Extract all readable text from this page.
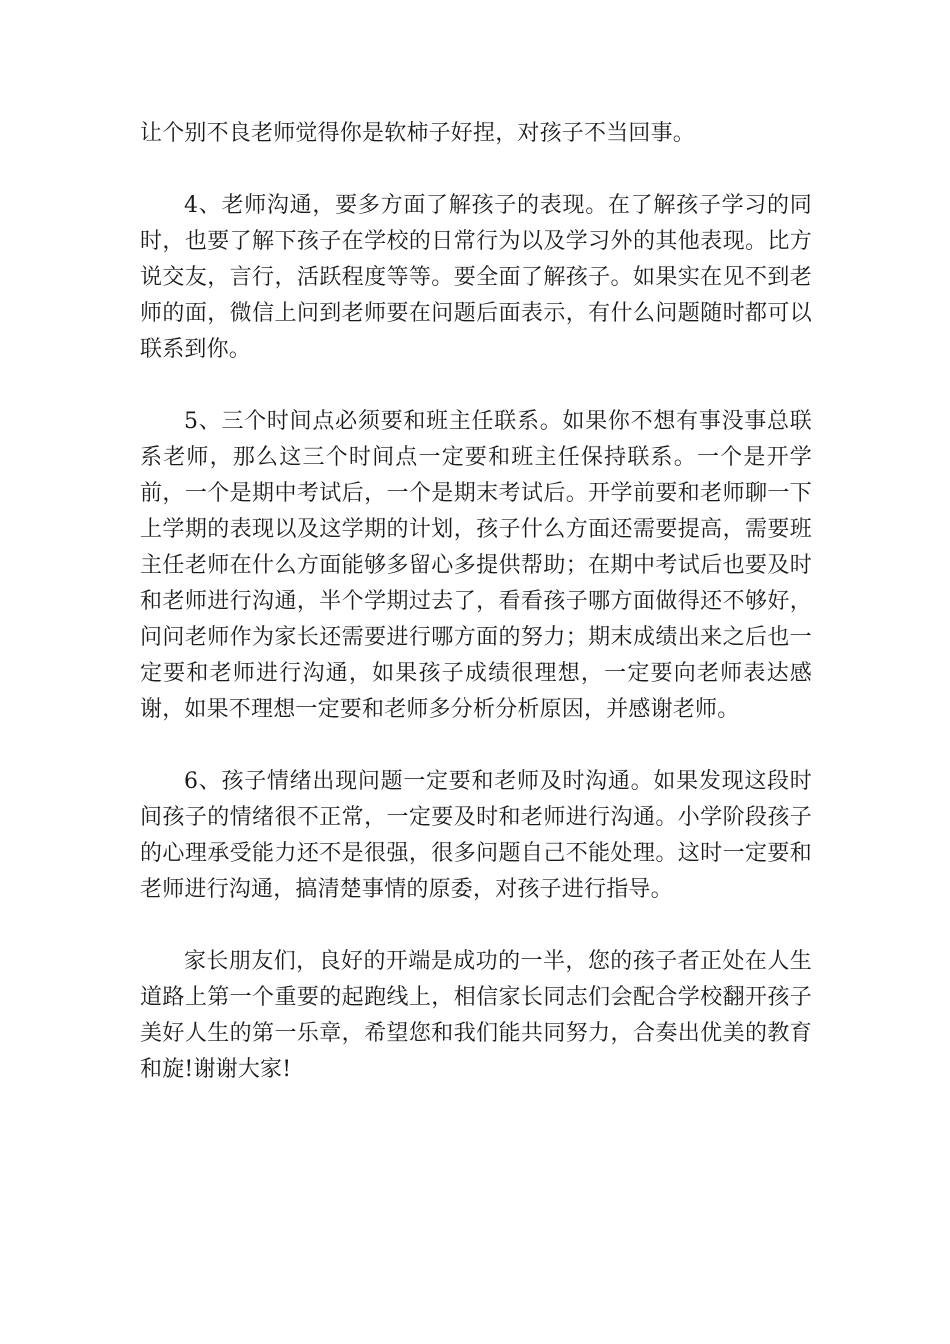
让个别不良老师觉得你是软柿子好捏，对孩子不当回事。

4、老师沟通，要多方面了解孩子的表现。在了解孩子学习的同时，也要了解下孩子在学校的日常行为以及学习外的其他表现。比方说交友，言行，活跃程度等等。要全面了解孩子。如果实在见不到老师的面，微信上问到老师要在问题后面表示，有什么问题随时都可以联系到你。

5、三个时间点必须要和班主任联系。如果你不想有事没事总联系老师，那么这三个时间点一定要和班主任保持联系。一个是开学前，一个是期中考试后，一个是期末考试后。开学前要和老师聊一下上学期的表现以及这学期的计划，孩子什么方面还需要提高，需要班主任老师在什么方面能够多留心多提供帮助；在期中考试后也要及时和老师进行沟通，半个学期过去了，看看孩子哪方面做得还不够好，问问老师作为家长还需要进行哪方面的努力；期末成绩出来之后也一定要和老师进行沟通，如果孩子成绩很理想，一定要向老师表达感谢，如果不理想一定要和老师多分析分析原因，并感谢老师。

6、孩子情绪出现问题一定要和老师及时沟通。如果发现这段时间孩子的情绪很不正常，一定要及时和老师进行沟通。小学阶段孩子的心理承受能力还不是很强，很多问题自己不能处理。这时一定要和老师进行沟通，搞清楚事情的原委，对孩子进行指导。

家长朋友们，良好的开端是成功的一半，您的孩子者正处在人生道路上第一个重要的起跑线上，相信家长同志们会配合学校翻开孩子美好人生的第一乐章，希望您和我们能共同努力，合奏出优美的教育和旋!谢谢大家!
